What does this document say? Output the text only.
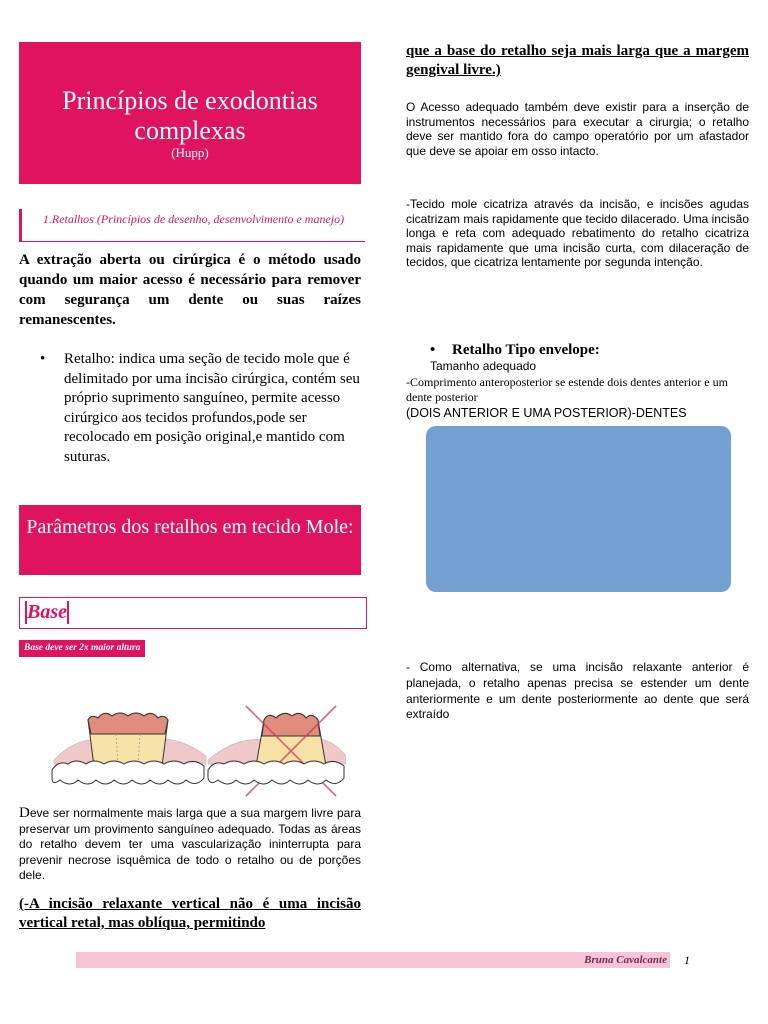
Princípios de exodontias complexas
(Hupp)
1.Retalhos (Princípios de desenho, desenvolvimento e manejo)
A extração aberta ou cirúrgica é o método usado quando um maior acesso é necessário para remover com segurança um dente ou suas raízes remanescentes.
• Retalho: indica uma seção de tecido mole que é delimitado por uma incisão cirúrgica, contém seu próprio suprimento sanguíneo, permite acesso cirúrgico aos tecidos profundos,pode ser recolocado em posição original,e mantido com suturas.
Parâmetros dos retalhos em tecido Mole:
Base
Base deve ser 2x maior altura
Deve ser normalmente mais larga que a sua margem livre para preservar um provimento sanguíneo adequado. Todas as áreas do retalho devem ter uma vascularização ininterrupta para prevenir necrose isquêmica de todo o retalho ou de porções dele.
(-A incisão relaxante vertical não é uma incisão vertical retal, mas oblíqua, permitindo
que a base do retalho seja mais larga que a margem gengival livre.)
O Acesso adequado também deve existir para a inserção de instrumentos necessários para executar a cirurgia; o retalho deve ser mantido fora do campo operatório por um afastador que deve se apoiar em osso intacto.
-Tecido mole cicatriza através da incisão, e incisões agudas cicatrizam mais rapidamente que tecido dilacerado. Uma incisão longa e reta com adequado rebatimento do retalho cicatriza mais rapidamente que uma incisão curta, com dilaceração de tecidos, que cicatriza lentamente por segunda intenção.
• Retalho Tipo envelope:
Tamanho adequado
-Comprimento anteroposterior se estende dois dentes anterior e um dente posterior
(DOIS ANTERIOR E UMA POSTERIOR)-DENTES
- Como alternativa, se uma incisão relaxante anterior é planejada, o retalho apenas precisa se estender um dente anteriormente e um dente posteriormente ao dente que será extraído
Bruna Cavalcante 1
